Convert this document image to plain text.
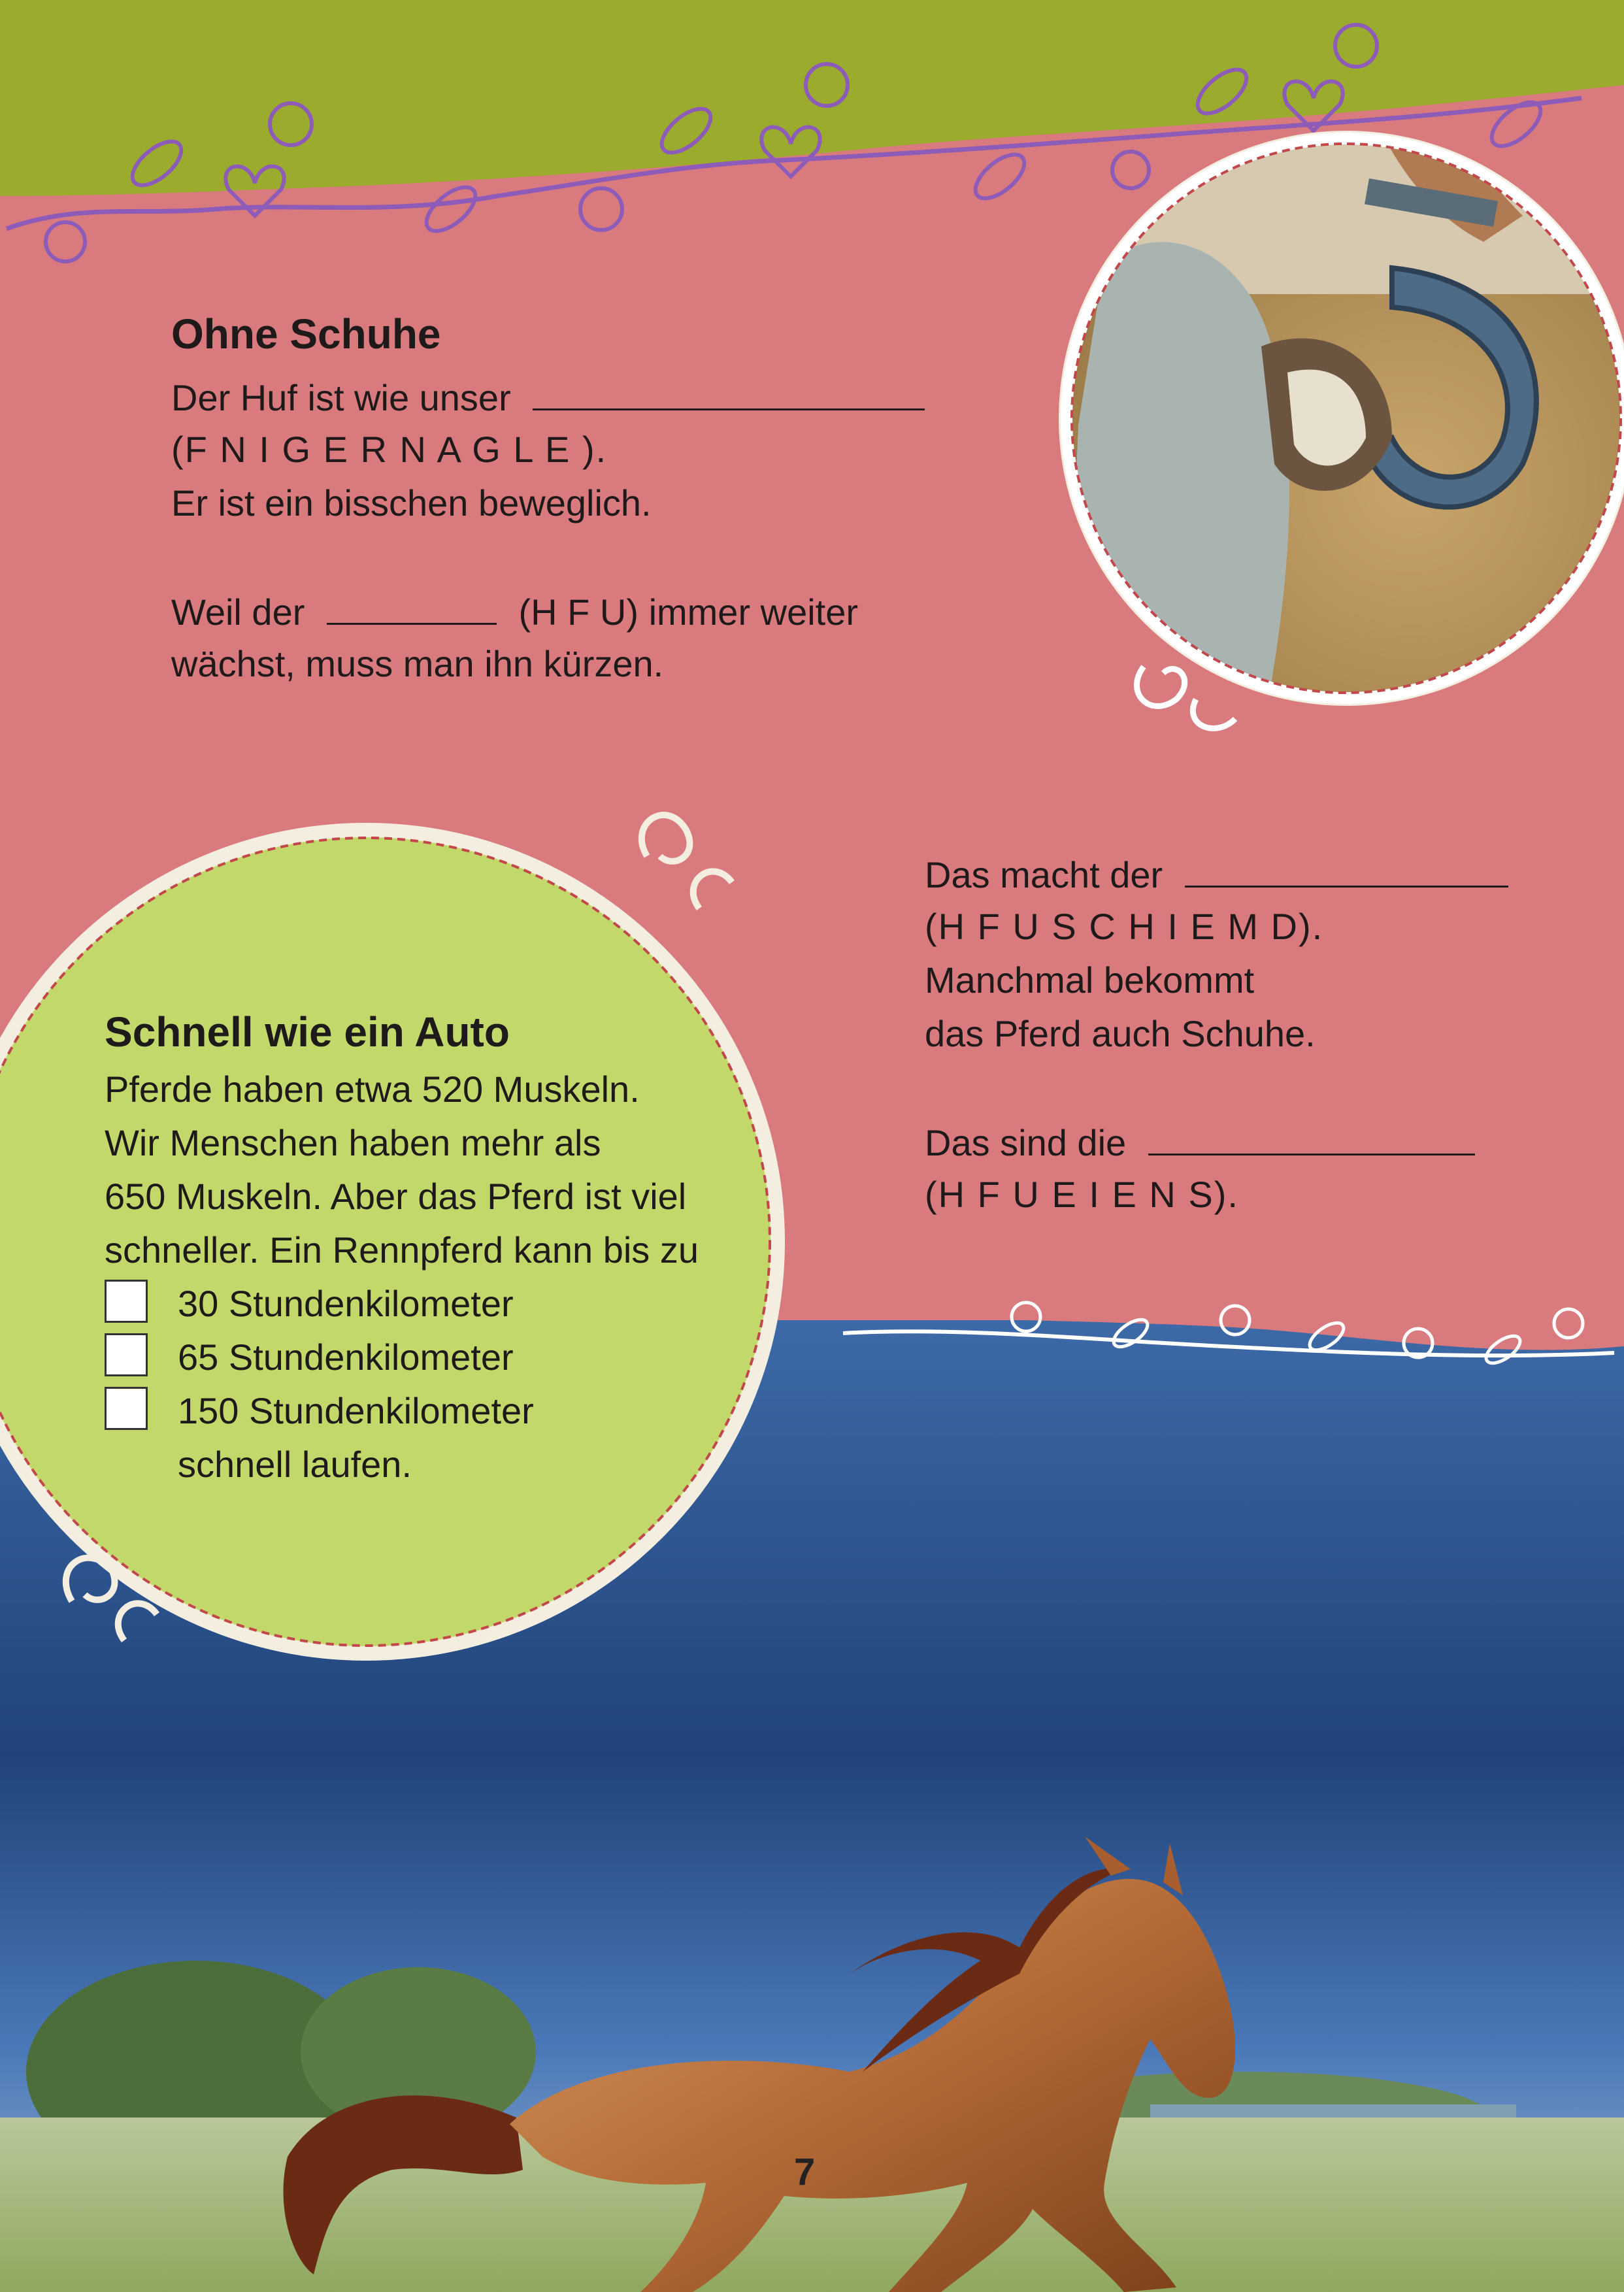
Ohne Schuhe
Der Huf ist wie unser
(F N I G E R N A G L E ).
Er ist ein bisschen beweglich.
Weil der	(H F U) immer weiter
wächst, muss man ihn kürzen.
Das macht der
(H F U S C H I E M D).
Manchmal bekommt
das Pferd auch Schuhe.
Das sind die
(H F U E I E N S).
Schnell wie ein Auto
Pferde haben etwa 520 Muskeln.
Wir Menschen haben mehr als
650 Muskeln. Aber das Pferd ist viel
schneller. Ein Rennpferd kann bis zu
30 Stundenkilometer
65 Stundenkilometer
150 Stundenkilometer
schnell laufen.
7
